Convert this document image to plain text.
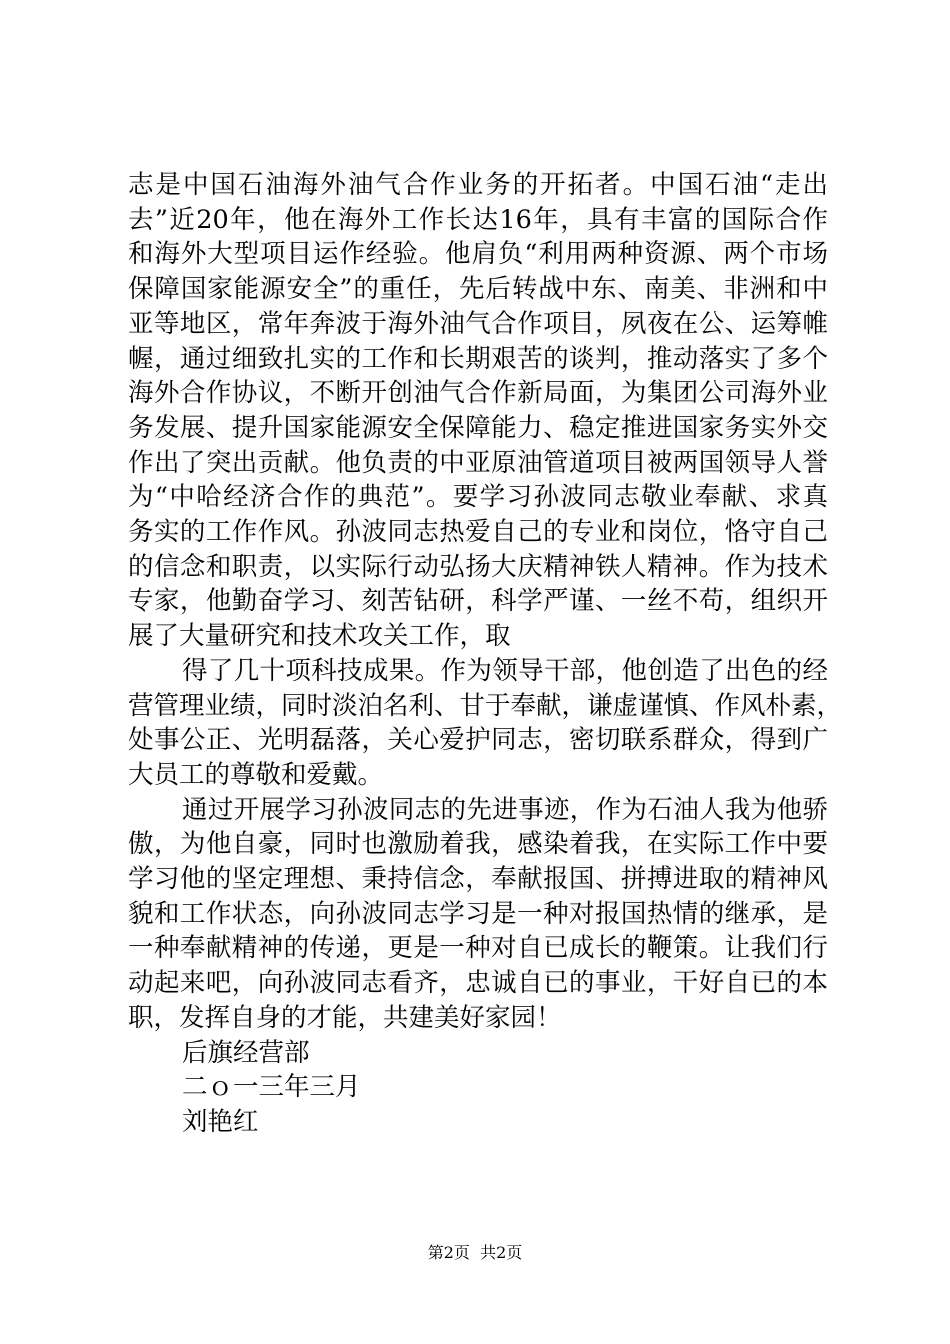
志是中国石油海外油气合作业务的开拓者。中国石油“走出
去”近20年，他在海外工作长达16年，具有丰富的国际合作
和海外大型项目运作经验。他肩负“利用两种资源、两个市场
保障国家能源安全”的重任，先后转战中东、南美、非洲和中
亚等地区，常年奔波于海外油气合作项目，夙夜在公、运筹帷
幄，通过细致扎实的工作和长期艰苦的谈判，推动落实了多个
海外合作协议，不断开创油气合作新局面，为集团公司海外业
务发展、提升国家能源安全保障能力、稳定推进国家务实外交
作出了突出贡献。他负责的中亚原油管道项目被两国领导人誉
为“中哈经济合作的典范”。要学习孙波同志敬业奉献、求真
务实的工作作风。孙波同志热爱自己的专业和岗位，恪守自己
的信念和职责，以实际行动弘扬大庆精神铁人精神。作为技术
专家，他勤奋学习、刻苦钻研，科学严谨、一丝不苟，组织开
展了大量研究和技术攻关工作，取
得了几十项科技成果。作为领导干部，他创造了出色的经
营管理业绩，同时淡泊名利、甘于奉献，谦虚谨慎、作风朴素，
处事公正、光明磊落，关心爱护同志，密切联系群众，得到广
大员工的尊敬和爱戴。
通过开展学习孙波同志的先进事迹，作为石油人我为他骄
傲，为他自豪，同时也激励着我，感染着我，在实际工作中要
学习他的坚定理想、秉持信念，奉献报国、拼搏进取的精神风
貌和工作状态，向孙波同志学习是一种对报国热情的继承，是
一种奉献精神的传递，更是一种对自已成长的鞭策。让我们行
动起来吧，向孙波同志看齐，忠诚自已的事业，干好自已的本
职，发挥自身的才能，共建美好家园！
后旗经营部
二ｏ一三年三月
刘艳红
第2页  共2页
